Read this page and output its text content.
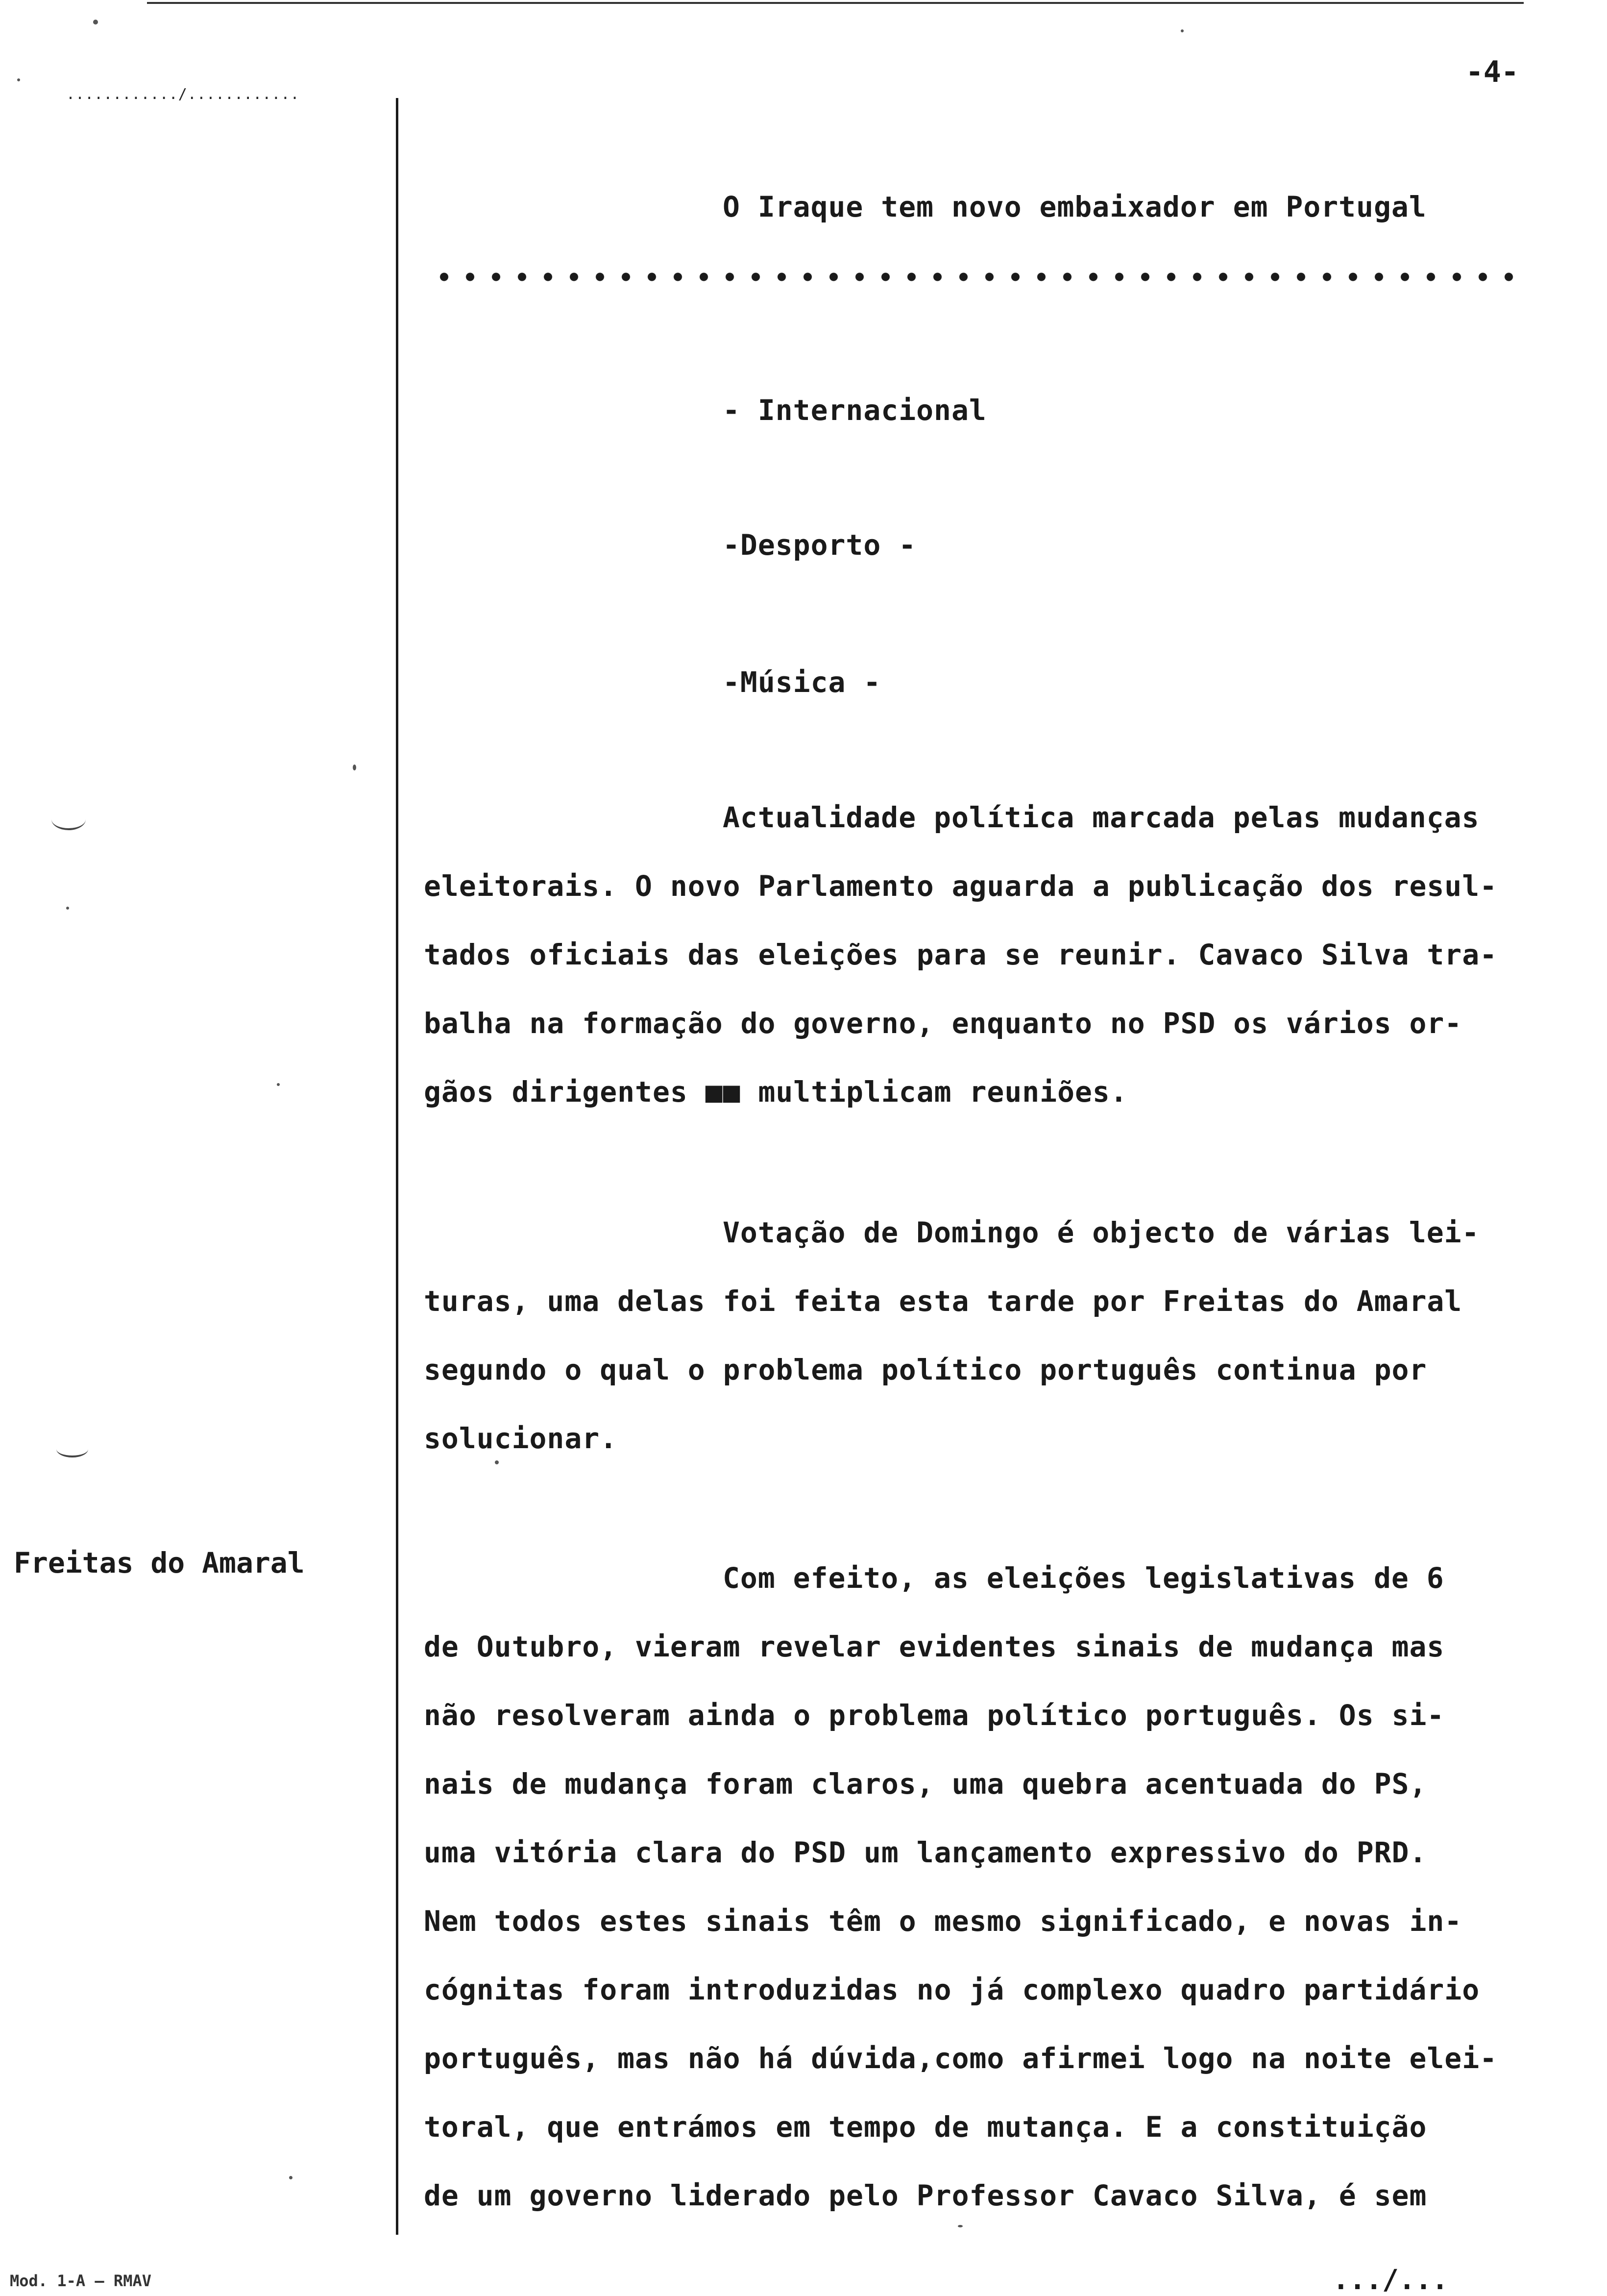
............/............
-4-
O Iraque tem novo embaixador em Portugal
- Internacional
-Desporto -
-Música -
Actualidade política marcada pelas mudanças
eleitorais. O novo Parlamento aguarda a publicação dos resul-
tados oficiais das eleições para se reunir. Cavaco Silva tra-
balha na formação do governo, enquanto no PSD os vários or-
gãos dirigentes ■■ multiplicam reuniões.
Votação de Domingo é objecto de várias lei-
turas, uma delas foi feita esta tarde por Freitas do Amaral
segundo o qual o problema político português continua por
solucionar.
Freitas do Amaral	Com efeito, as eleições legislativas de 6
de Outubro, vieram revelar evidentes sinais de mudança mas
não resolveram ainda o problema político português. Os si-
nais de mudança foram claros, uma quebra acentuada do PS,
uma vitória clara do PSD um lançamento expressivo do PRD.
Nem todos estes sinais têm o mesmo significado, e novas in-
cógnitas foram introduzidas no já complexo quadro partidário
português, mas não há dúvida,como afirmei logo na noite elei-
toral, que entrámos em tempo de mutança. E a constituição
de um governo liderado pelo Professor Cavaco Silva, é sem
Mod. 1-A — RMAV	.../...
